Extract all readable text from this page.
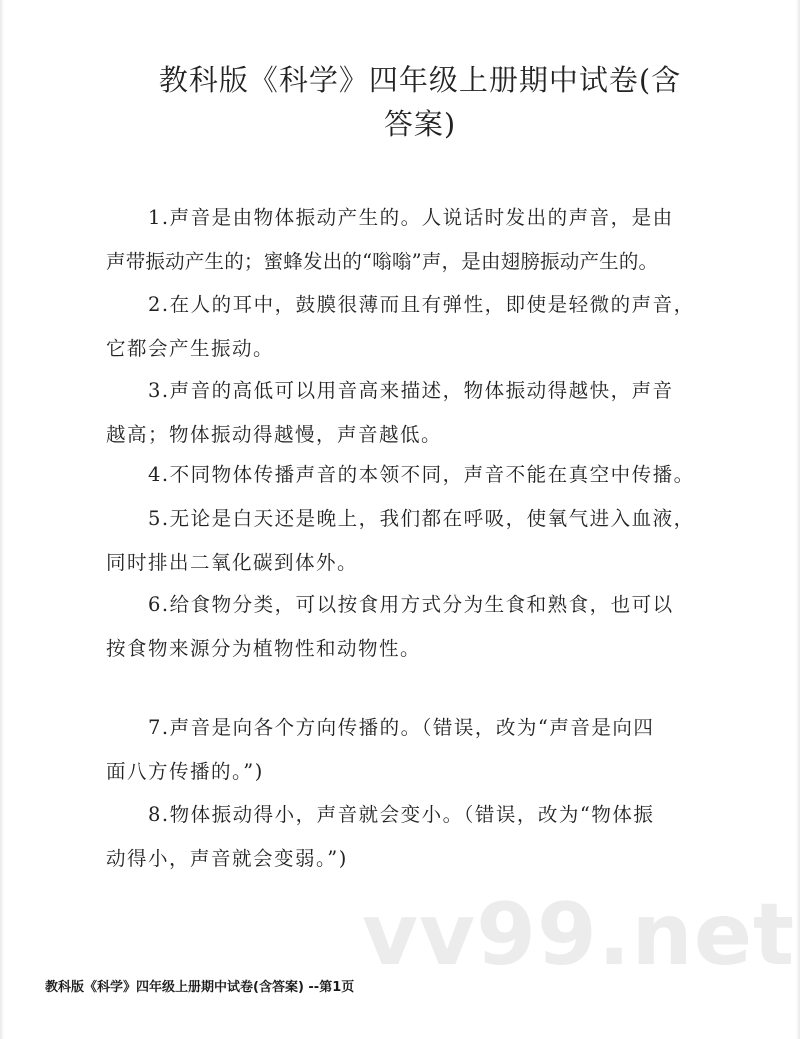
教科版《科学》四年级上册期中试卷(含
答案)
1.声音是由物体振动产生的。人说话时发出的声音，是由
声带振动产生的；蜜蜂发出的“嗡嗡”声，是由翅膀振动产生的。
2.在人的耳中，鼓膜很薄而且有弹性，即使是轻微的声音，
它都会产生振动。
3.声音的高低可以用音高来描述，物体振动得越快，声音
越高；物体振动得越慢，声音越低。
4.不同物体传播声音的本领不同，声音不能在真空中传播。
5.无论是白天还是晚上，我们都在呼吸，使氧气进入血液，
同时排出二氧化碳到体外。
6.给食物分类，可以按食用方式分为生食和熟食，也可以
按食物来源分为植物性和动物性。
7.声音是向各个方向传播的。（错误，改为“声音是向四
面八方传播的。”)
8.物体振动得小，声音就会变小。（错误，改为“物体振
动得小，声音就会变弱。”)
vv99.net
教科版《科学》四年级上册期中试卷(含答案) --第1页
